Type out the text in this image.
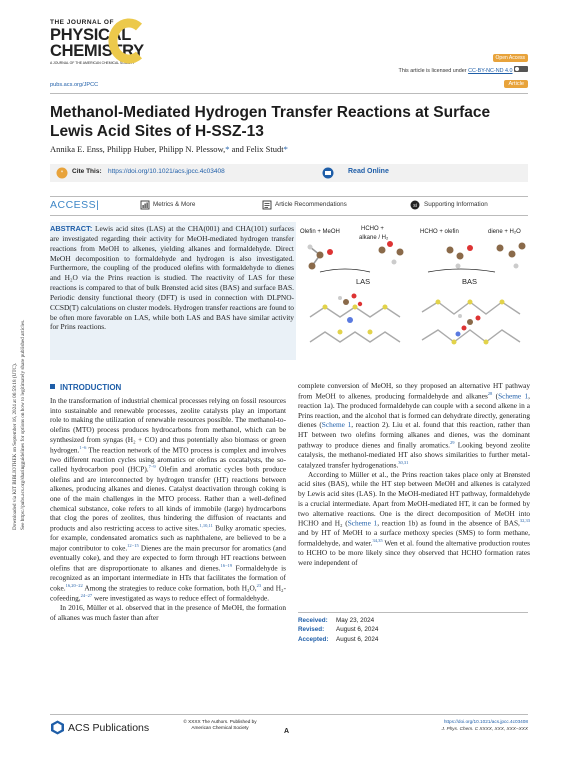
THE JOURNAL OF
PHYSICAL
CHEMISTRY
A JOURNAL OF THE AMERICAN CHEMICAL SOCIETY
Open Access
This article is licensed under CC-BY-NC-ND 4.0
pubs.acs.org/JPCC	Article
Methanol-Mediated Hydrogen Transfer Reactions at Surface Lewis Acid Sites of H-SSZ-13
Annika E. Enss, Philipp Huber, Philipp N. Plessow,* and Felix Studt*
“ Cite This: https://doi.org/10.1021/acs.jpcc.4c03408	Read Online
ACCESS|	Metrics & More	Article Recommendations	si Supporting Information
ABSTRACT: Lewis acid sites (LAS) at the CHA(001) and CHA(101) surfaces are investigated regarding their activity for MeOH-mediated hydrogen transfer reactions from MeOH to alkenes, yielding alkanes and formaldehyde. Direct MeOH decomposition to formaldehyde and hydrogen is also investigated. Furthermore, the coupling of the produced olefins with formaldehyde to dienes and H₂O via the Prins reaction is studied. The reactivity of LAS for these reactions is compared to that of bulk Brønsted acid sites (BAS) and surface BAS. Periodic density functional theory (DFT) is used in connection with DLPNO-CCSD(T) calculations on cluster models. Hydrogen transfer reactions are found to be often more favorable on LAS, while both LAS and BAS have similar activity for Prins reactions.
Olefin + MeOH	HCHO +
alkane / H₂
HCHO + olefin	diene + H₂O
LAS	BAS
INTRODUCTION

In the transformation of industrial chemical processes relying on fossil resources into sustainable and renewable processes, zeolite catalysts play an important role to making the utilization of renewable resources possible. The methanol-to-olefins (MTO) process produces hydrocarbons from methanol, which can be synthesized from syngas (H₂ + CO) and thus potentially also biomass or green hydrogen.$^{1-6}$ The reaction network of the MTO process is complex and involves two different reaction cycles using aromatics or olefins as cocatalysts, the so-called hydrocarbon pool (HCP).$^{7-9}$ Olefin and aromatic cycles both produce olefins and are interconnected by hydrogen transfer (HT) reactions between alkenes, producing alkanes and dienes. Catalyst deactivation through coking is one of the main challenges in the MTO process. Rather than a well-defined chemical substance, coke refers to all kinds of immobile (large) hydrocarbons that clog the pores of zeolites, thus hindering the diffusion of reactants and products and also restricting access to active sites.$^{1,10,11}$ Bulky aromatic species, for example, condensated aromatics such as naphthalene, are believed to be a major contributor to coke.$^{12-15}$ Dienes are the main precursor for aromatics (and eventually coke), and they are expected to form through HT reactions between olefins that are disproportionate to alkanes and dienes.$^{16-19}$ Formaldehyde is recognized as an important intermediate in HTs that facilitates the formation of coke.$^{16,20-22}$ Among the strategies to reduce coke formation, both H₂O,$^{23}$ and H₂-cofeeding,$^{24-27}$ were investigated as ways to reduce effect of formaldehyde.

In 2016, Müller et al. observed that in the presence of MeOH, the formation of alkanes was much faster than after

complete conversion of MeOH, so they proposed an alternative HT pathway from MeOH to alkenes, producing formaldehyde and alkanes$^{28}$ (Scheme 1, reaction 1a). The produced formaldehyde can couple with a second alkene in a Prins reaction, and the alcohol that is formed can dehydrate directly, generating dienes (Scheme 1, reaction 2). Liu et al. found that this reaction, rather than HT between two olefins forming alkanes and dienes, was the dominant pathway to produce dienes and finally aromatics.$^{29}$ Looking beyond zeolite catalysis, the methanol-mediated HT also shows similarities to further metal-catalyzed transfer hydrogenations.$^{30,31}$

According to Müller et al., the Prins reaction takes place only at Brønsted acid sites (BAS), while the HT step between MeOH and alkenes is catalyzed by Lewis acid sites (LAS). In the MeOH-mediated HT pathway, formaldehyde is a crucial intermediate. Apart from MeOH-mediated HT, it can be formed by two alternative reactions. One is the direct decomposition of MeOH into HCHO and H₂ (Scheme 1, reaction 1b) as found in the absence of BAS,$^{32,33}$ and by HT of MeOH to a surface methoxy species (SMS) to form methane, formaldehyde, and water.$^{34,35}$ Wen et al. found the alternative production routes to HCHO to be more likely since they observed that HCHO formation rates were independent of

Received: May 23, 2024
Revised: August 6, 2024
Accepted: August 6, 2024
ACS Publications
© XXXX The Authors. Published by
American Chemical Society
A
https://doi.org/10.1021/acs.jpcc.4c03408
J. Phys. Chem. C XXXX, XXX, XXX−XXX
Downloaded via KIT BIBLIOTHEK on September 16, 2024 at 06:59:18 (UTC). See https://pubs.acs.org/sharingguidelines for options on how to legitimately share published articles.
